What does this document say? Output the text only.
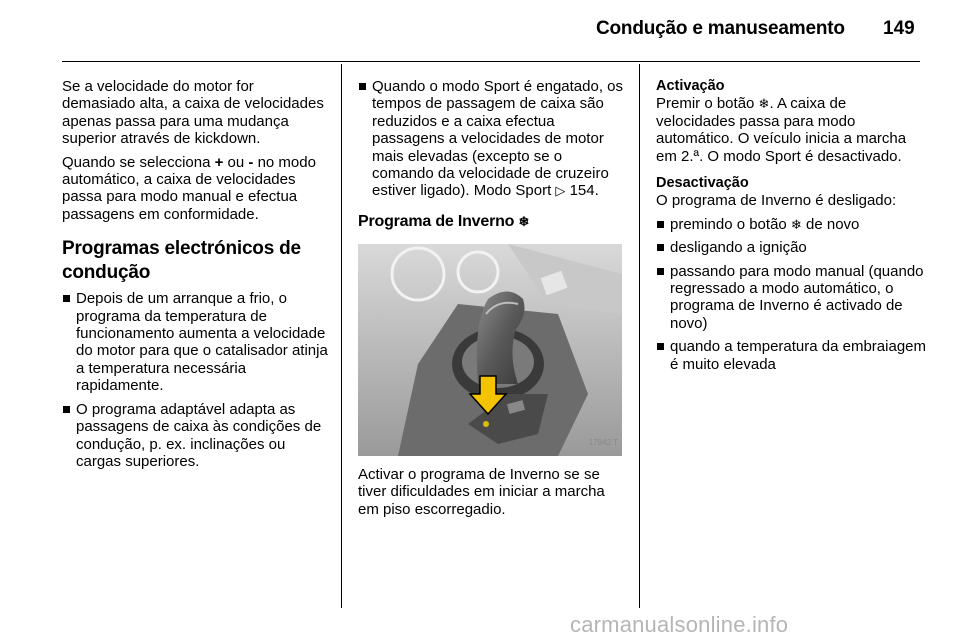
Condução e manuseamento 149

Se a velocidade do motor for demasiado alta, a caixa de velocidades apenas passa para uma mudança superior através de kickdown.

Quando se selecciona + ou - no modo automático, a caixa de velocidades passa para modo manual e efectua passagens em conformidade.

Programas electrónicos de condução
Depois de um arranque a frio, o programa da temperatura de funcionamento aumenta a velocidade do motor para que o catalisador atinja a temperatura necessária rapidamente.
O programa adaptável adapta as passagens de caixa às condições de condução, p. ex. inclinações ou cargas superiores.
Quando o modo Sport é engatado, os tempos de passagem de caixa são reduzidos e a caixa efectua passagens a velocidades de motor mais elevadas (excepto se o comando da velocidade de cruzeiro estiver ligado). Modo Sport ▷ 154.
Programa de Inverno ❄
17942 T

Activar o programa de Inverno se se tiver dificuldades em iniciar a marcha em piso escorregadio.

Activação

Premir o botão ❄. A caixa de velocidades passa para modo automático. O veículo inicia a marcha em 2.ª. O modo Sport é desactivado.

Desactivação

O programa de Inverno é desligado:

premindo o botão ❄ de novo
desligando a ignição
passando para modo manual (quando regressado a modo automático, o programa de Inverno é activado de novo)
quando a temperatura da embraiagem é muito elevada
carmanualsonline.info
